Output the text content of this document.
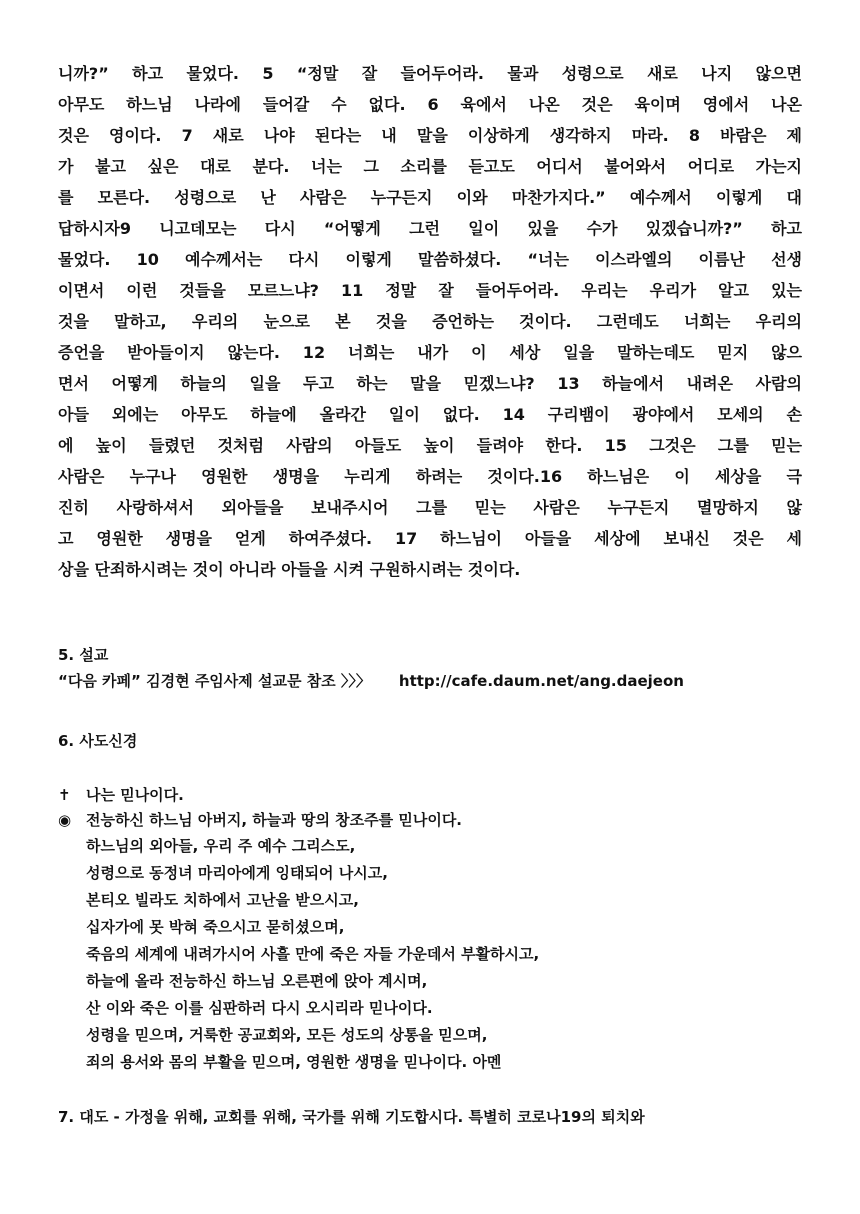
니까?” 하고 물었다. 5 “정말 잘 들어두어라. 물과 성령으로 새로 나지 않으면
아무도 하느님 나라에 들어갈 수 없다. 6 육에서 나온 것은 육이며 영에서 나온
것은 영이다. 7 새로 나야 된다는 내 말을 이상하게 생각하지 마라. 8 바람은 제
가 불고 싶은 대로 분다. 너는 그 소리를 듣고도 어디서 불어와서 어디로 가는지
를 모른다. 성령으로 난 사람은 누구든지 이와 마찬가지다.” 예수께서 이렇게 대
답하시자9 니고데모는 다시 “어떻게 그런 일이 있을 수가 있겠습니까?” 하고
물었다. 10 예수께서는 다시 이렇게 말씀하셨다. “너는 이스라엘의 이름난 선생
이면서 이런 것들을 모르느냐? 11 정말 잘 들어두어라. 우리는 우리가 알고 있는
것을 말하고, 우리의 눈으로 본 것을 증언하는 것이다. 그런데도 너희는 우리의
증언을 받아들이지 않는다. 12 너희는 내가 이 세상 일을 말하는데도 믿지 않으
면서 어떻게 하늘의 일을 두고 하는 말을 믿겠느냐? 13 하늘에서 내려온 사람의
아들 외에는 아무도 하늘에 올라간 일이 없다. 14 구리뱀이 광야에서 모세의 손
에 높이 들렸던 것처럼 사람의 아들도 높이 들려야 한다. 15 그것은 그를 믿는
사람은 누구나 영원한 생명을 누리게 하려는 것이다.16 하느님은 이 세상을 극
진히 사랑하셔서 외아들을 보내주시어 그를 믿는 사람은 누구든지 멸망하지 않
고 영원한 생명을 얻게 하여주셨다. 17 하느님이 아들을 세상에 보내신 것은 세
상을 단죄하시려는 것이 아니라 아들을 시켜 구원하시려는 것이다.
5. 설교
“다음 카페” 김경현 주임사제 설교문 참조 〉〉〉 http://cafe.daum.net/ang.daejeon
6. 사도신경
✝ 나는 믿나이다.
◉ 전능하신 하느님 아버지, 하늘과 땅의 창조주를 믿나이다.
하느님의 외아들, 우리 주 예수 그리스도,
성령으로 동정녀 마리아에게 잉태되어 나시고,
본티오 빌라도 치하에서 고난을 받으시고,
십자가에 못 박혀 죽으시고 묻히셨으며,
죽음의 세계에 내려가시어 사흘 만에 죽은 자들 가운데서 부활하시고,
하늘에 올라 전능하신 하느님 오른편에 앉아 계시며,
산 이와 죽은 이를 심판하러 다시 오시리라 믿나이다.
성령을 믿으며, 거룩한 공교회와, 모든 성도의 상통을 믿으며,
죄의 용서와 몸의 부활을 믿으며, 영원한 생명을 믿나이다. 아멘
7. 대도 - 가정을 위해, 교회를 위해, 국가를 위해 기도합시다. 특별히 코로나19의 퇴치와
